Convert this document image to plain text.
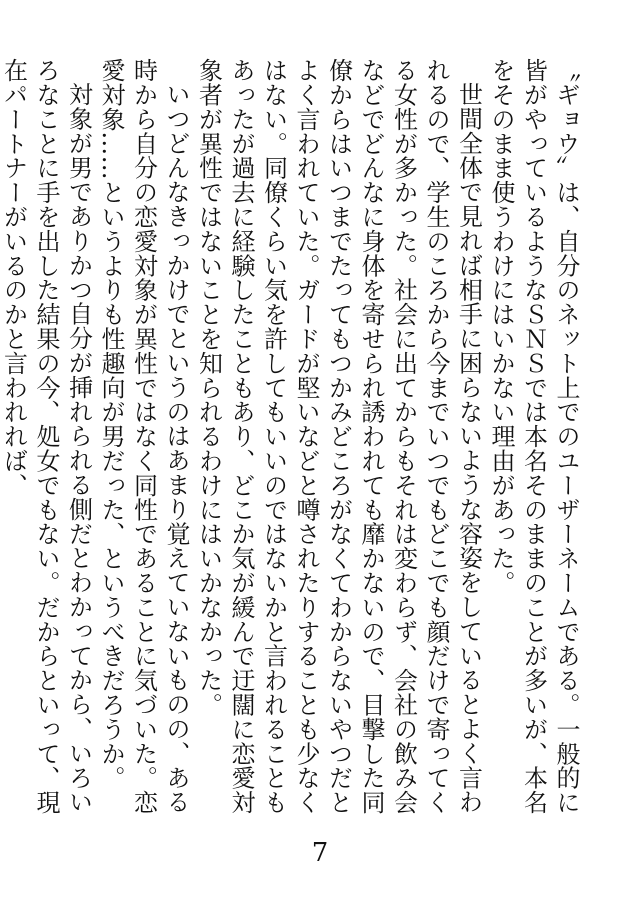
〝ギョウ〟は、自分のネット上でのユーザーネームである。一般的に皆がやっているようなＳＮＳでは本名そのままのことが多いが、本名をそのまま使うわけにはいかない理由があった。

世間全体で見れば相手に困らないような容姿をしているとよく言われるので、学生のころから今までいつでもどこでも顔だけで寄ってくる女性が多かった。社会に出てからもそれは変わらず、会社の飲み会などでどんなに身体を寄せられ誘われても靡かないので、目撃した同僚からはいつまでたってもつかみどころがなくてわからないやつだとよく言われていた。ガードが堅いなどと噂されたりすることも少なくはない。同僚くらい気を許してもいいのではないかと言われることもあったが過去に経験したこともあり、どこか気が緩んで迂闊に恋愛対象者が異性ではないことを知られるわけにはいかなかった。

いつどんなきっかけでというのはあまり覚えていないものの、ある時から自分の恋愛対象が異性ではなく同性であることに気づいた。恋愛対象……というよりも性趣向が男だった、というべきだろうか。

対象が男でありかつ自分が挿れられる側だとわかってから、いろいろなことに手を出した結果の今、処女でもない。だからといって、現在パートナーがいるのかと言われれば、

7
